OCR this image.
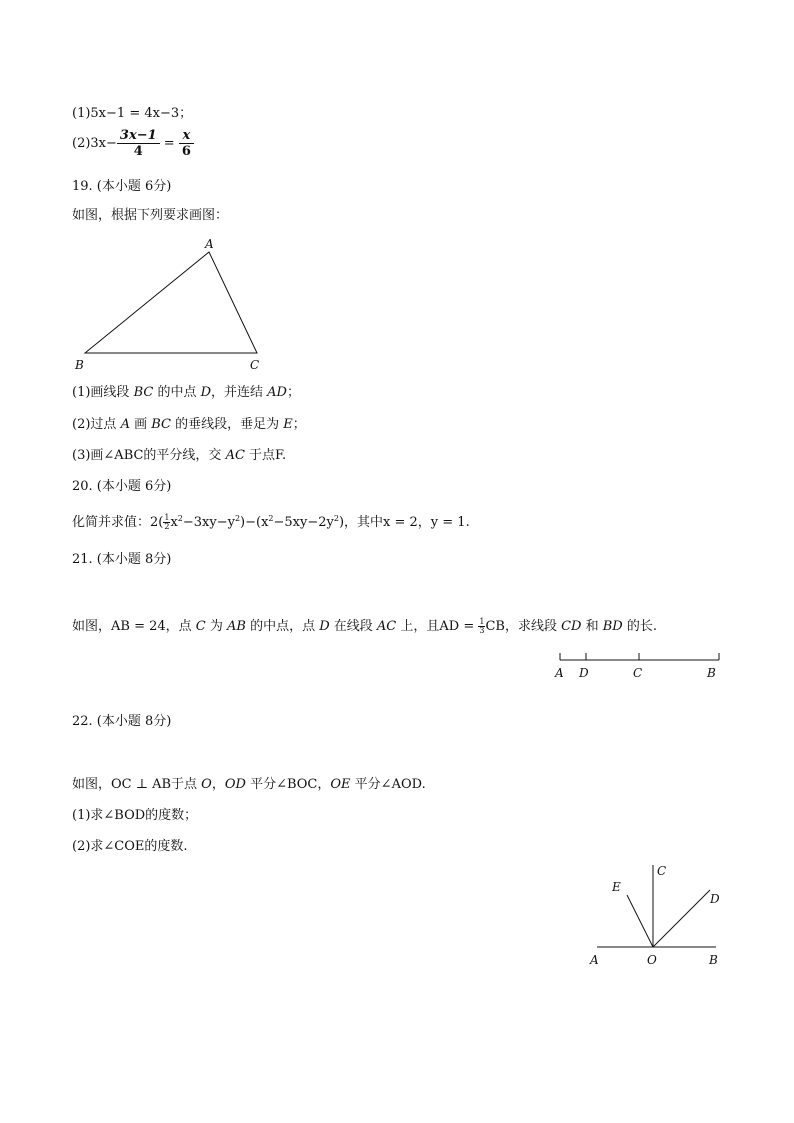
(1)5x−1 = 4x−3；
$(2)3x- \frac{3x-1}{4} = \frac{x}{6}$
19. (本小题 6分)
如图，根据下列要求画图：
A
B	C
(1)画线段 BC 的中点 D，并连结 AD；
(2)过点 A 画 BC 的垂线段，垂足为 E；
(3)画∠ABC的平分线，交 AC 于点F.
20. (本小题 6分)
化简并求值：$2( \frac{1}{2} x^2-3xy-y^2)-(x^2-5xy-2y^2)$，其中x = 2，y = 1.
21. (本小题 8分)
如图，AB = 24，点 C 为 AB 的中点，点 D 在线段 AC 上，且AD = $\frac{1}{3}$ CB，求线段 CD 和 BD 的长.
A D	C	B
22. (本小题 8分)
如图，OC ⊥ AB于点 O，OD 平分∠BOC，OE 平分∠AOD.
(1)求∠BOD的度数；
(2)求∠COE的度数.
E
C
D
A	O	B
